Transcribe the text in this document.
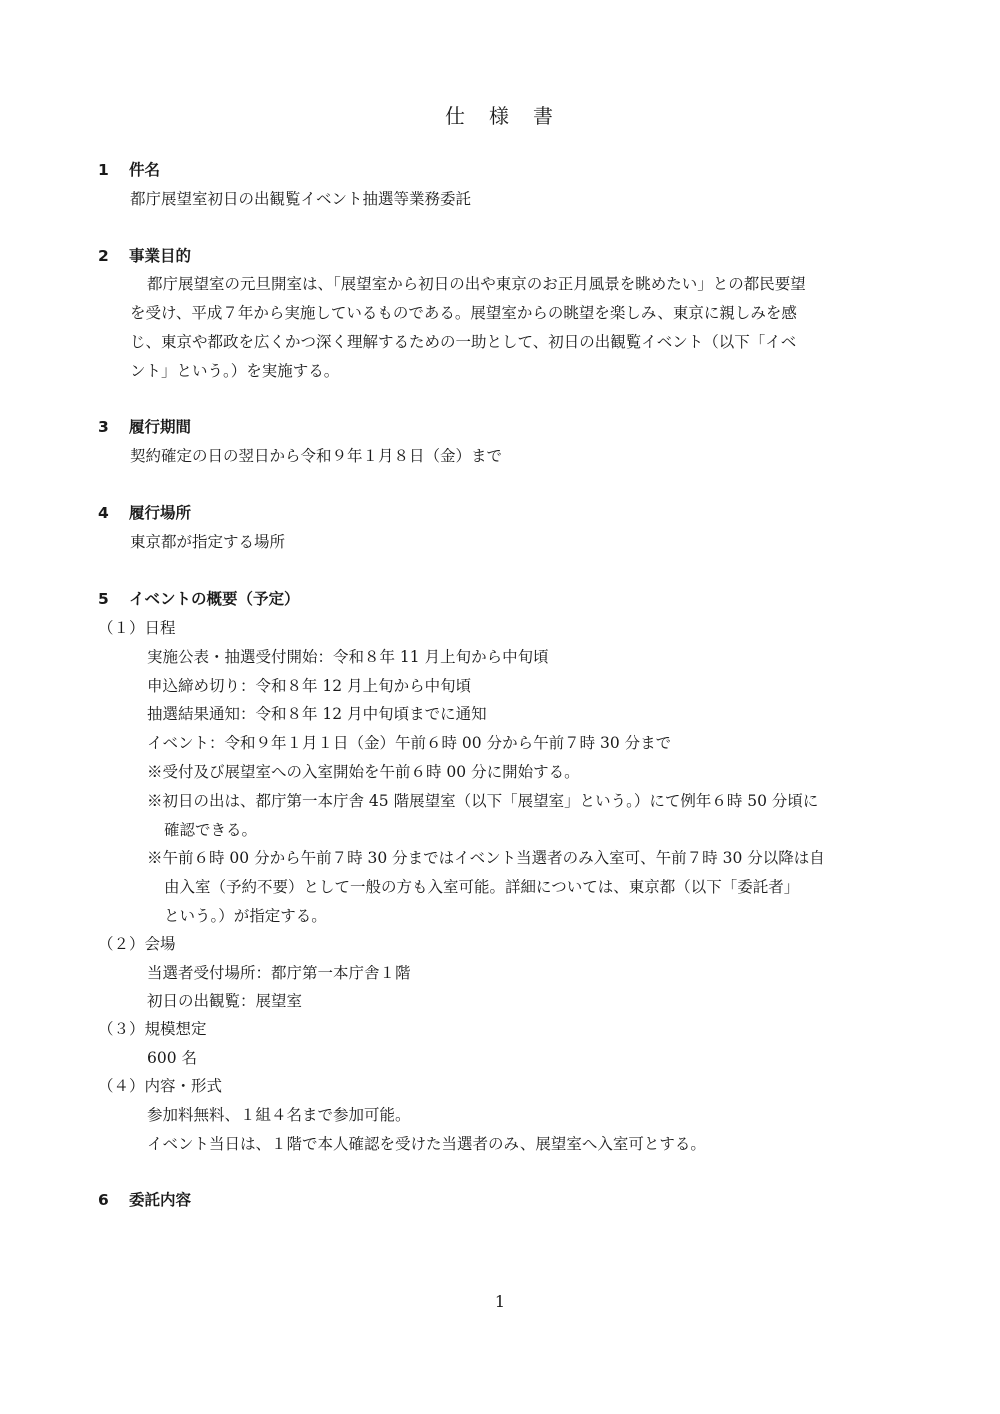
仕　様　書
1 件名
都庁展望室初日の出観覧イベント抽選等業務委託
2 事業目的
都庁展望室の元旦開室は、「展望室から初日の出や東京のお正月風景を眺めたい」との都民要望
を受け、平成７年から実施しているものである。展望室からの眺望を楽しみ、東京に親しみを感
じ、東京や都政を広くかつ深く理解するための一助として、初日の出観覧イベント（以下「イベ
ント」という。）を実施する。
3 履行期間
契約確定の日の翌日から令和９年１月８日（金）まで
4 履行場所
東京都が指定する場所
5 イベントの概要（予定）
（１）日程
実施公表・抽選受付開始：令和８年 11 月上旬から中旬頃
申込締め切り：令和８年 12 月上旬から中旬頃
抽選結果通知：令和８年 12 月中旬頃までに通知
イベント：令和９年１月１日（金）午前６時 00 分から午前７時 30 分まで
※受付及び展望室への入室開始を午前６時 00 分に開始する。
※初日の出は、都庁第一本庁舎 45 階展望室（以下「展望室」という。）にて例年６時 50 分頃に
確認できる。
※午前６時 00 分から午前７時 30 分まではイベント当選者のみ入室可、午前７時 30 分以降は自
由入室（予約不要）として一般の方も入室可能。詳細については、東京都（以下「委託者」
という。）が指定する。
（２）会場
当選者受付場所：都庁第一本庁舎１階
初日の出観覧：展望室
（３）規模想定
600 名
（４）内容・形式
参加料無料、１組４名まで参加可能。
イベント当日は、１階で本人確認を受けた当選者のみ、展望室へ入室可とする。
6 委託内容
1
